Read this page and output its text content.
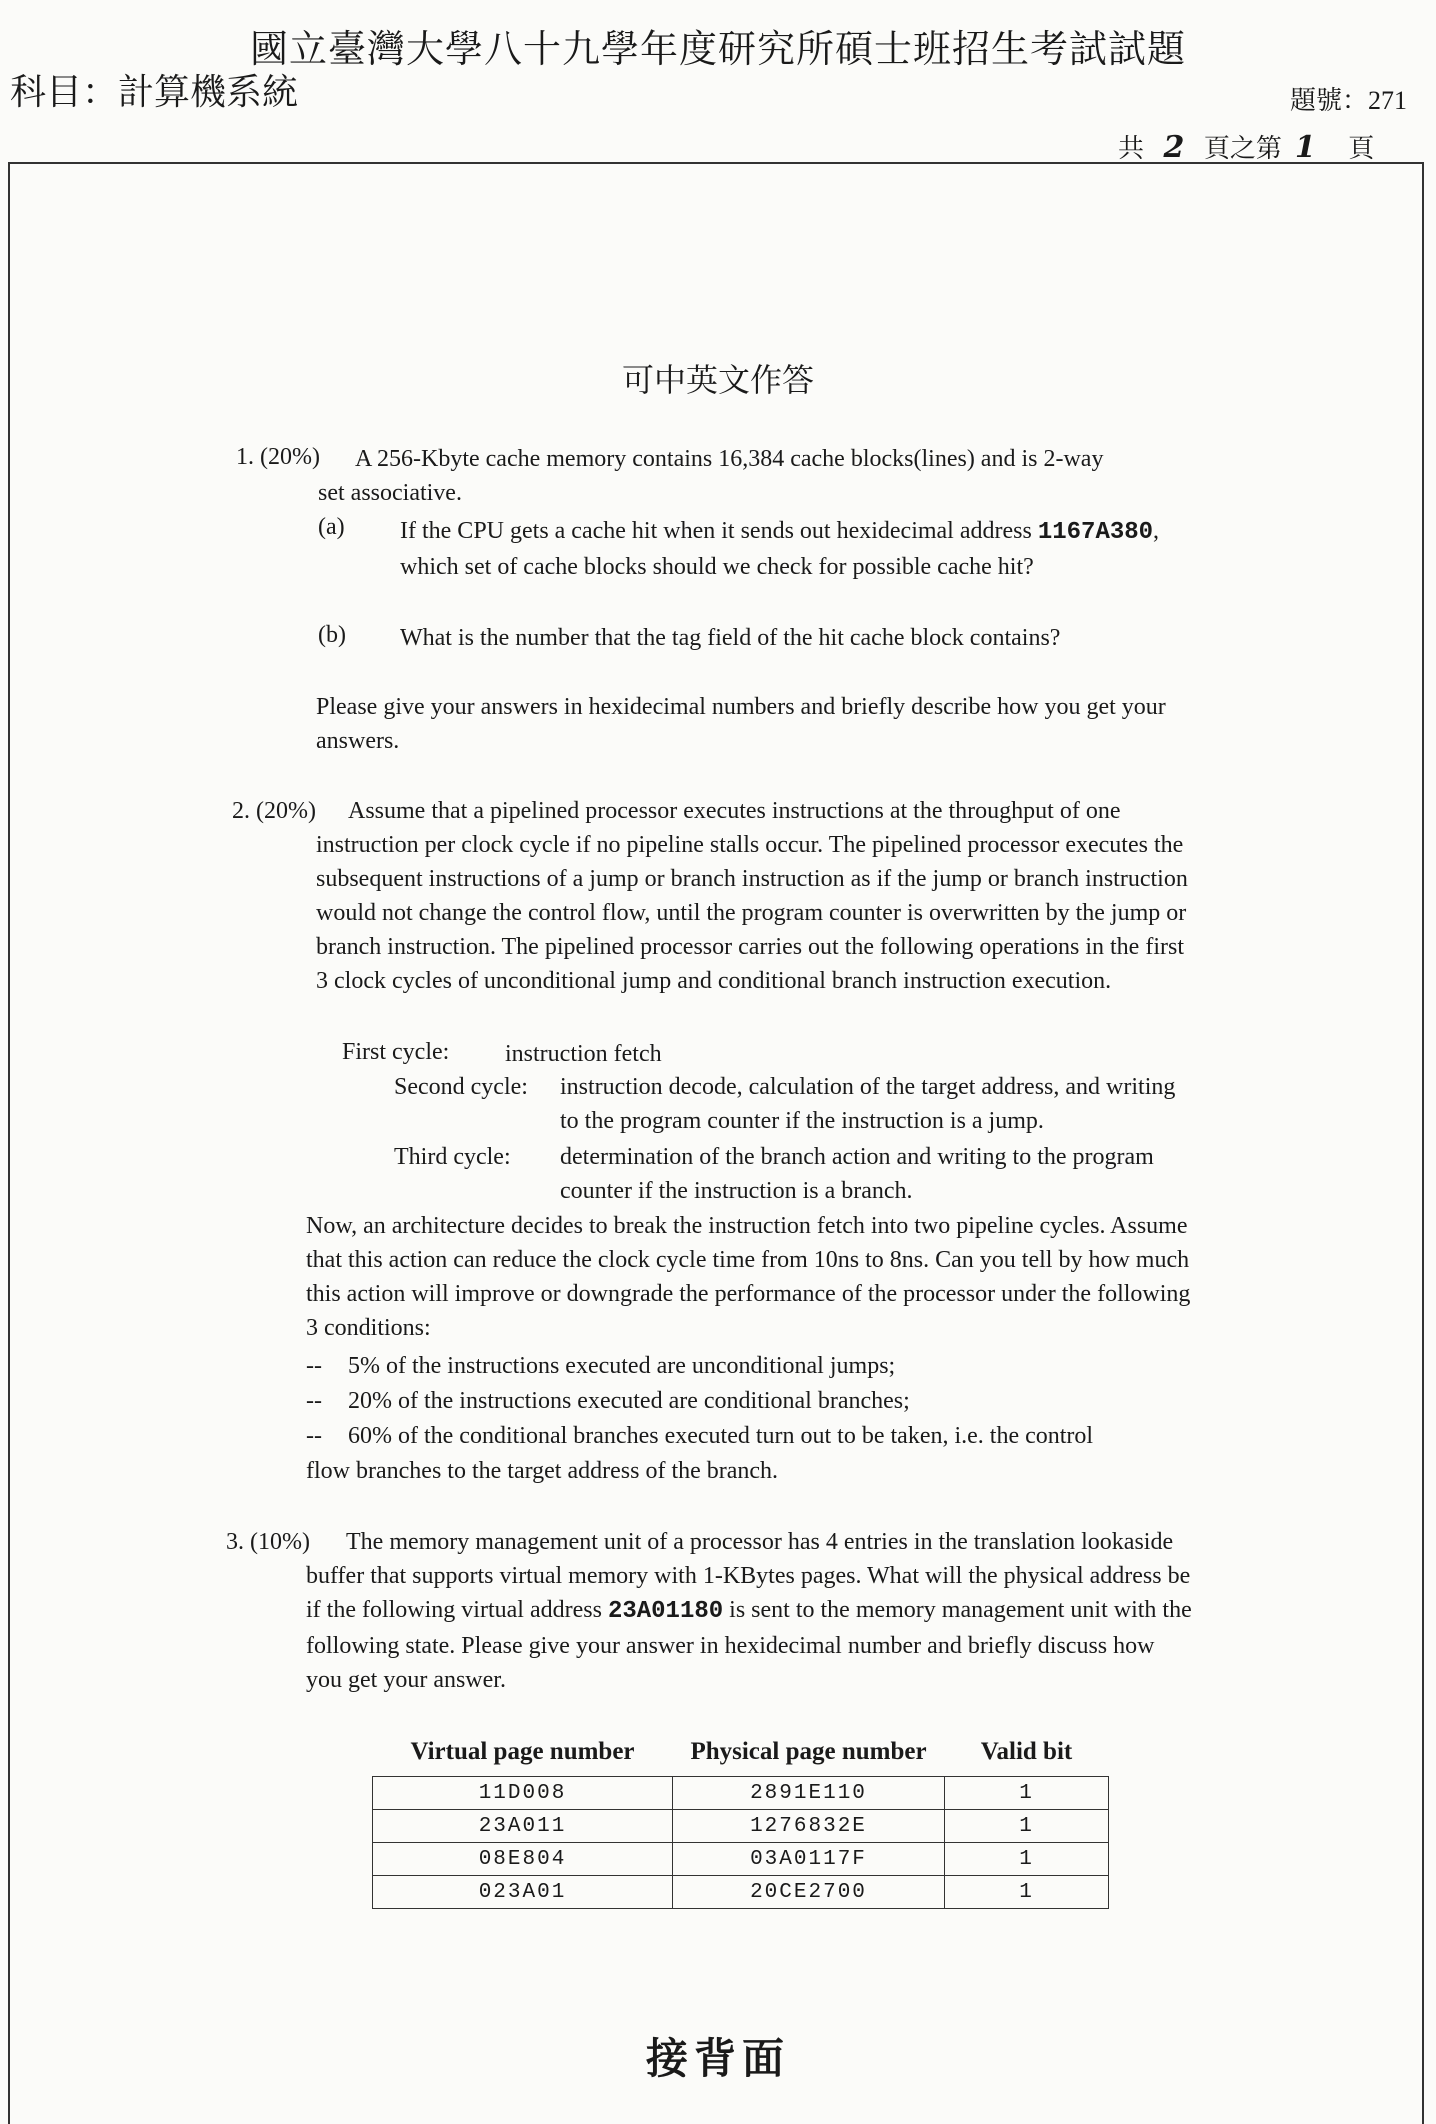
國立臺灣大學八十九學年度研究所碩士班招生考試試題
科目：計算機系統	題號：271
共 2 頁之第 1 頁
可中英文作答
1. (20%) A 256-Kbyte cache memory contains 16,384 cache blocks(lines) and is 2-way
set associative.
(a)	If the CPU gets a cache hit when it sends out hexidecimal address 1167A380, which set of cache blocks should we check for possible cache hit?
(b)	What is the number that the tag field of the hit cache block contains?
Please give your answers in hexidecimal numbers and briefly describe how you get your answers.
2. (20%)	Assume that a pipelined processor executes instructions at the throughput of one instruction per clock cycle if no pipeline stalls occur. The pipelined processor executes the subsequent instructions of a jump or branch instruction as if the jump or branch instruction would not change the control flow, until the program counter is overwritten by the jump or branch instruction. The pipelined processor carries out the following operations in the first 3 clock cycles of unconditional jump and conditional branch instruction execution.
First cycle: instruction fetch
Second cycle: instruction decode, calculation of the target address, and writing to the program counter if the instruction is a jump.
Third cycle: determination of the branch action and writing to the program counter if the instruction is a branch.
Now, an architecture decides to break the instruction fetch into two pipeline cycles. Assume that this action can reduce the clock cycle time from 10ns to 8ns. Can you tell by how much this action will improve or downgrade the performance of the processor under the following 3 conditions:
--	5% of the instructions executed are unconditional jumps;
--	20% of the instructions executed are conditional branches;
--	60% of the conditional branches executed turn out to be taken, i.e. the control
flow branches to the target address of the branch.
3. (10%)	The memory management unit of a processor has 4 entries in the translation lookaside buffer that supports virtual memory with 1-KBytes pages. What will the physical address be if the following virtual address 23A01180 is sent to the memory management unit with the following state. Please give your answer in hexidecimal number and briefly discuss how you get your answer.
Virtual page number	Physical page number	Valid bit
11D008	2891E110	1
23A011	1276832E	1
08E804	03A0117F	1
023A01	20CE2700	1
接背面
